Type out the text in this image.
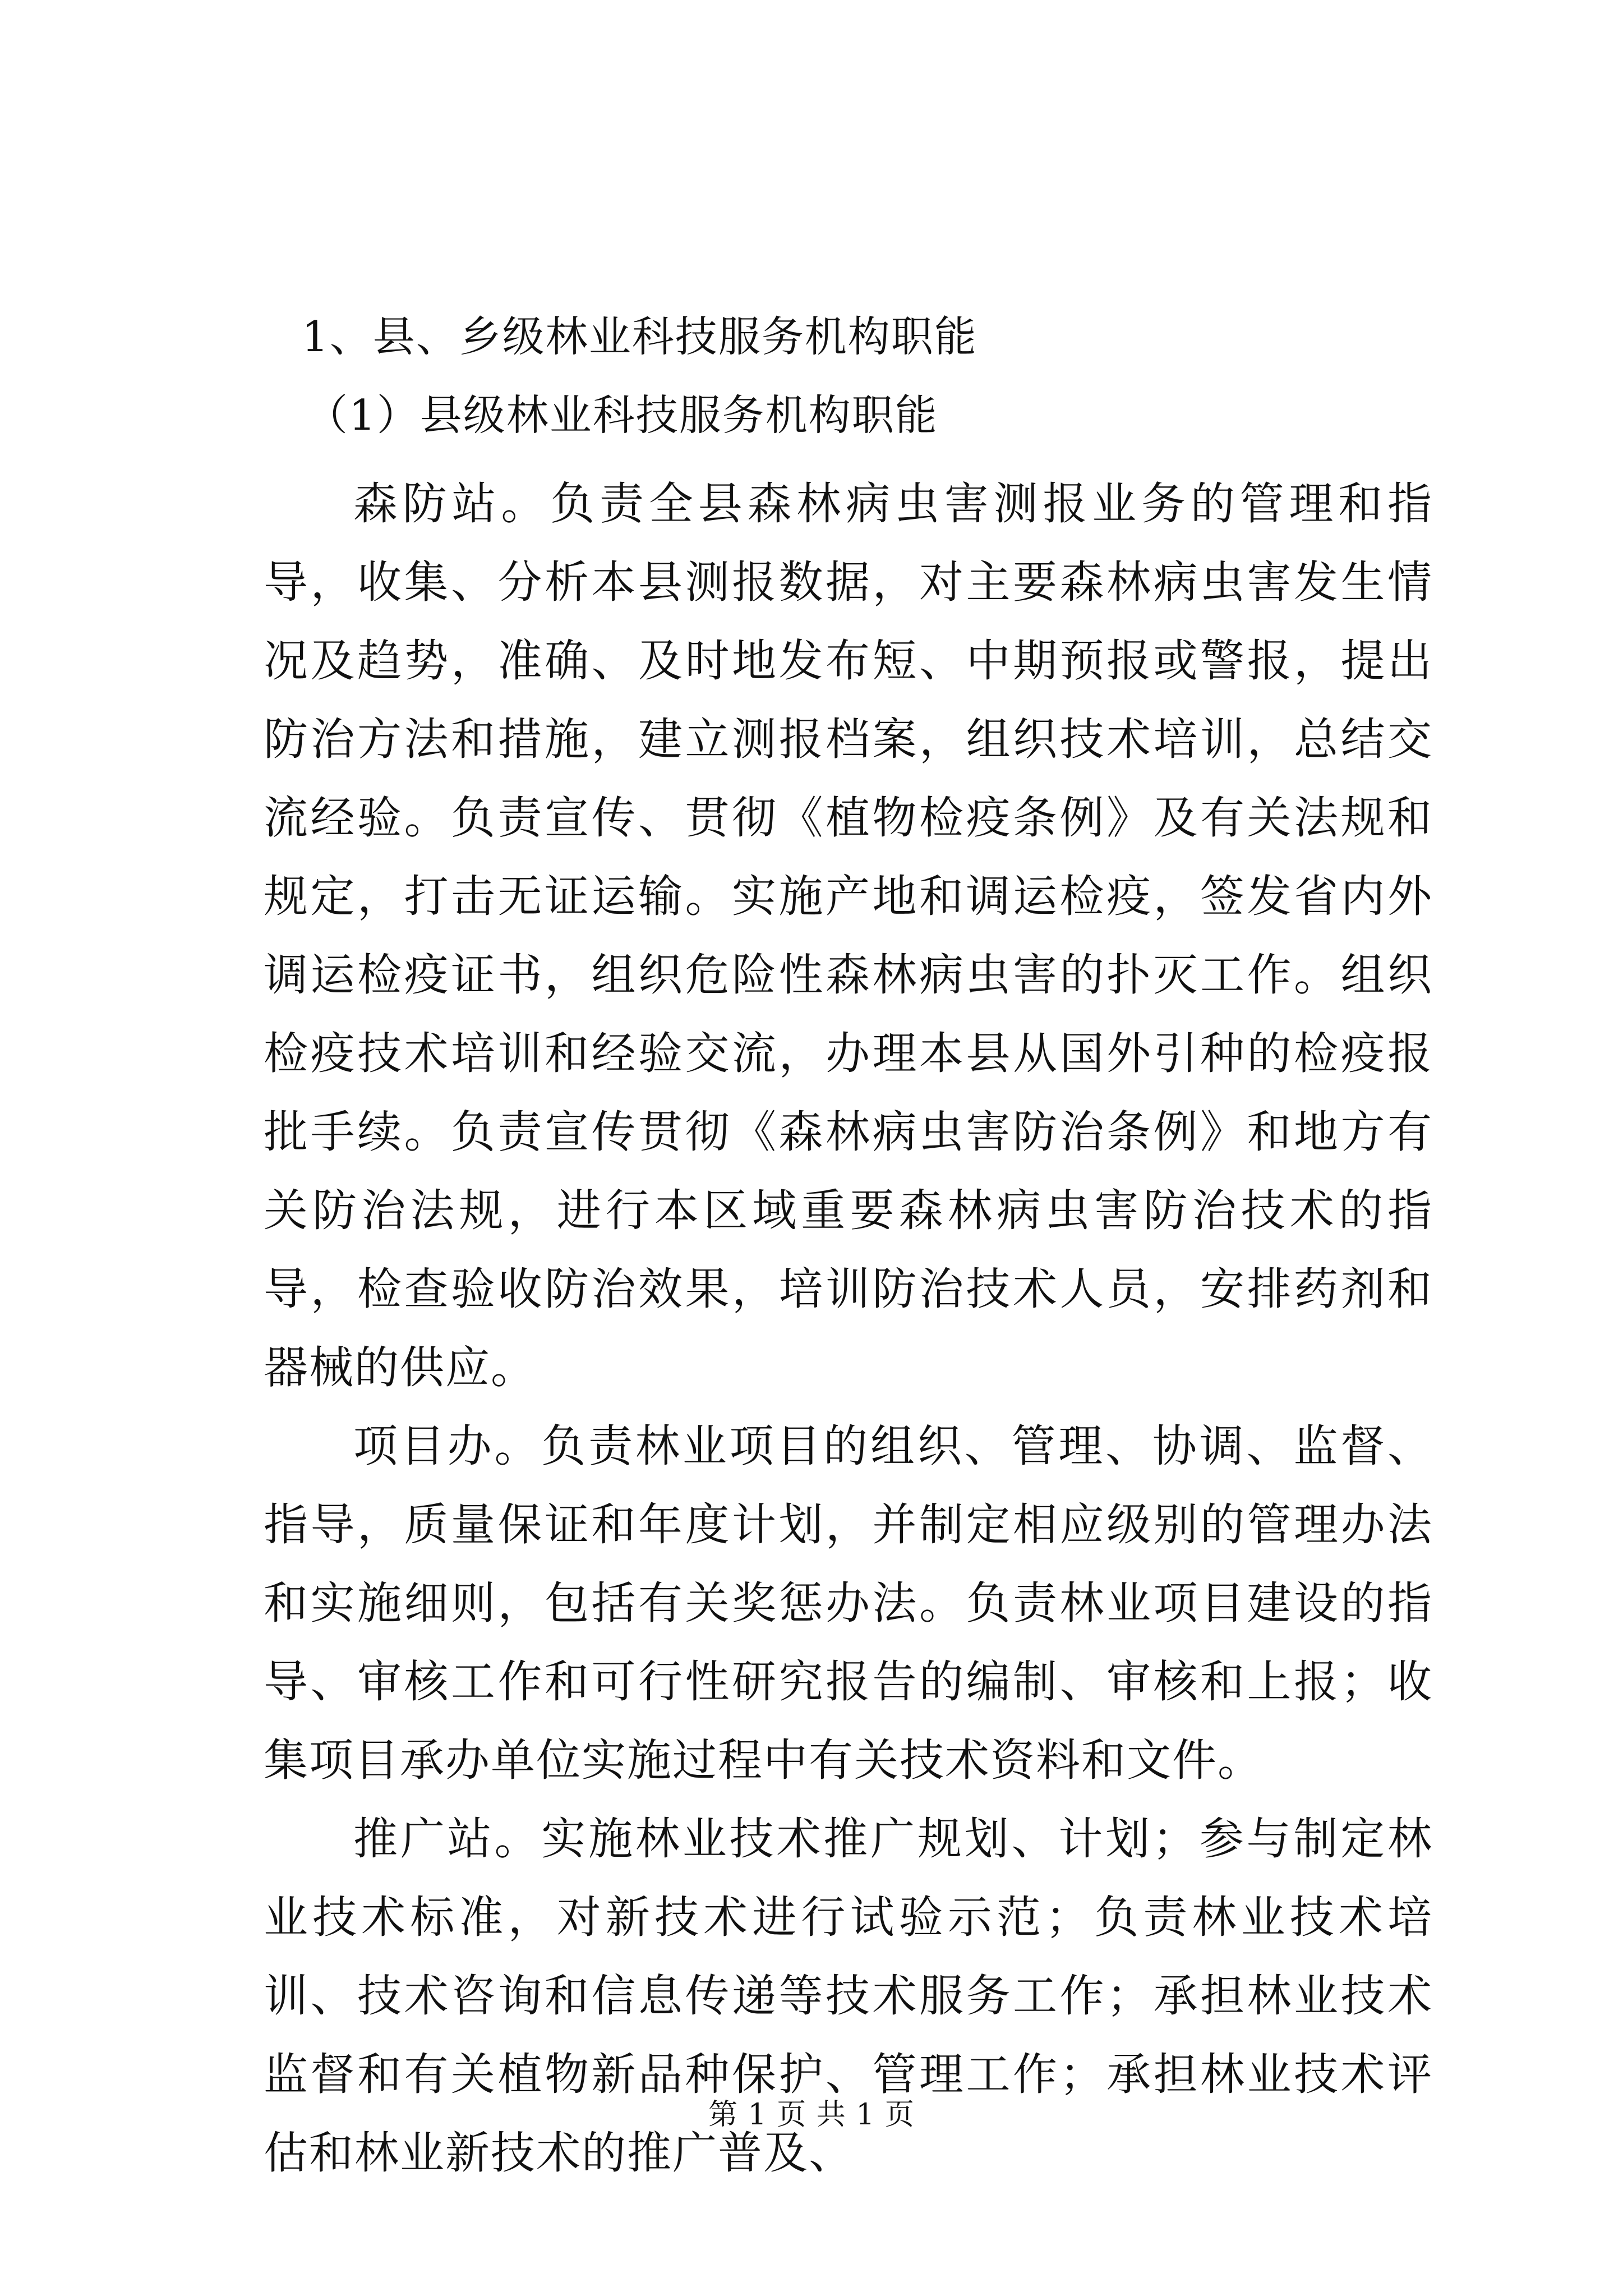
1、县、乡级林业科技服务机构职能
（1）县级林业科技服务机构职能

森防站。负责全县森林病虫害测报业务的管理和指导，收集、分析本县测报数据，对主要森林病虫害发生情况及趋势，准确、及时地发布短、中期预报或警报，提出防治方法和措施，建立测报档案，组织技术培训，总结交流经验。负责宣传、贯彻《植物检疫条例》及有关法规和规定，打击无证运输。实施产地和调运检疫，签发省内外调运检疫证书，组织危险性森林病虫害的扑灭工作。组织检疫技术培训和经验交流，办理本县从国外引种的检疫报批手续。负责宣传贯彻《森林病虫害防治条例》和地方有关防治法规，进行本区域重要森林病虫害防治技术的指导，检查验收防治效果，培训防治技术人员，安排药剂和器械的供应。

项目办。负责林业项目的组织、管理、协调、监督、指导，质量保证和年度计划，并制定相应级别的管理办法和实施细则，包括有关奖惩办法。负责林业项目建设的指导、审核工作和可行性研究报告的编制、审核和上报；收集项目承办单位实施过程中有关技术资料和文件。

推广站。实施林业技术推广规划、计划；参与制定林业技术标准，对新技术进行试验示范；负责林业技术培训、技术咨询和信息传递等技术服务工作；承担林业技术监督和有关植物新品种保护、管理工作；承担林业技术评估和林业新技术的推广普及、

第 1 页 共 1 页
